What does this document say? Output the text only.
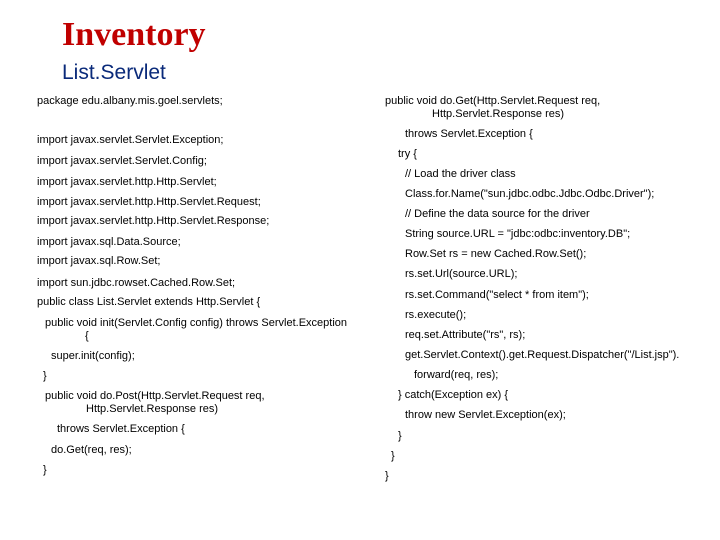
Inventory
List.Servlet
package edu.albany.mis.goel.servlets;
import javax.servlet.Servlet.Exception;
import javax.servlet.Servlet.Config;
import javax.servlet.http.Http.Servlet;
import javax.servlet.http.Http.Servlet.Request;
import javax.servlet.http.Http.Servlet.Response;
import javax.sql.Data.Source;
import javax.sql.Row.Set;
import sun.jdbc.rowset.Cached.Row.Set;
public class List.Servlet extends Http.Servlet {
public void init(Servlet.Config config) throws Servlet.Exception
{
super.init(config);
}
public void do.Post(Http.Servlet.Request req,
Http.Servlet.Response res)
throws Servlet.Exception {
do.Get(req, res);
}
public void do.Get(Http.Servlet.Request req,
Http.Servlet.Response res)
throws Servlet.Exception {
try {
// Load the driver class
Class.for.Name("sun.jdbc.odbc.Jdbc.Odbc.Driver");
// Define the data source for the driver
String source.URL = "jdbc:odbc:inventory.DB";
Row.Set rs = new Cached.Row.Set();
rs.set.Url(source.URL);
rs.set.Command("select * from item");
rs.execute();
req.set.Attribute("rs", rs);
get.Servlet.Context().get.Request.Dispatcher("/List.jsp").
forward(req, res);
} catch(Exception ex) {
throw new Servlet.Exception(ex);
}
}
}
